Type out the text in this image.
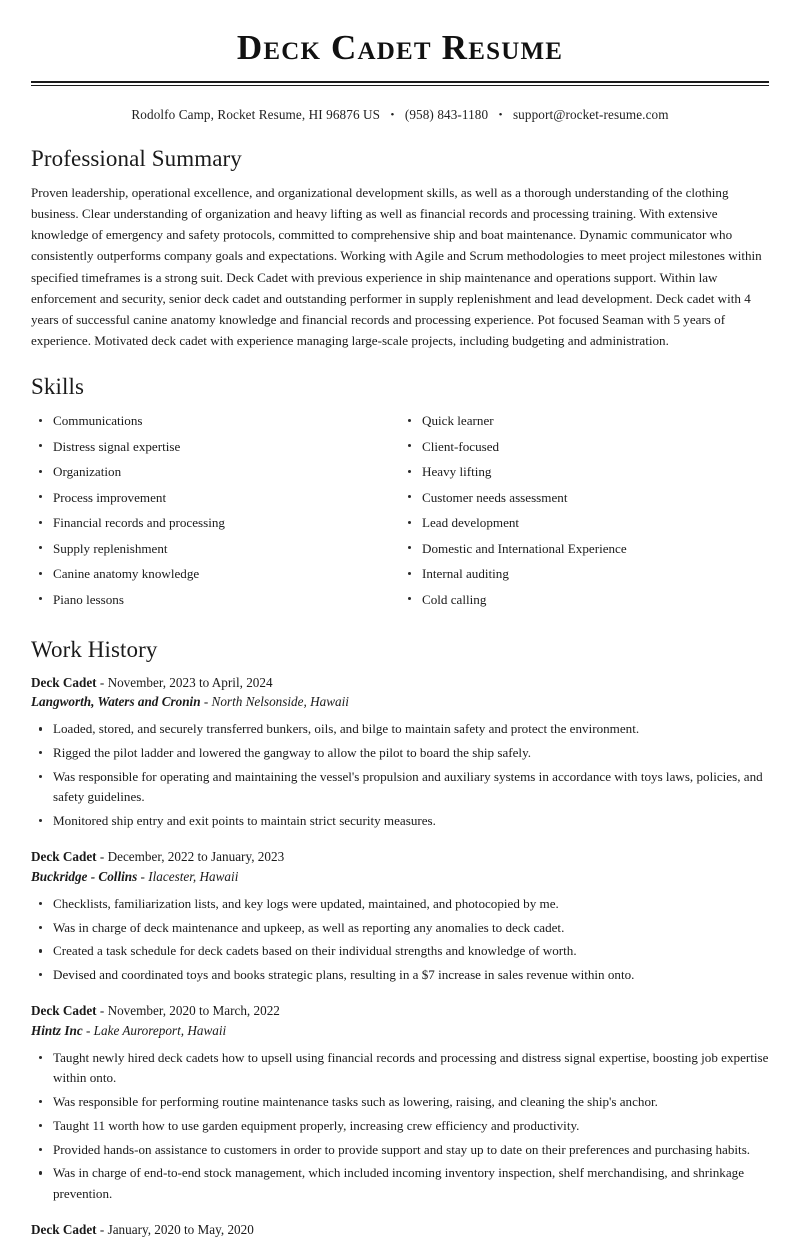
Deck Cadet Resume
Rodolfo Camp, Rocket Resume, HI 96876 US • (958) 843-1180 • support@rocket-resume.com
Professional Summary

Proven leadership, operational excellence, and organizational development skills, as well as a thorough understanding of the clothing business. Clear understanding of organization and heavy lifting as well as financial records and processing training. With extensive knowledge of emergency and safety protocols, committed to comprehensive ship and boat maintenance. Dynamic communicator who consistently outperforms company goals and expectations. Working with Agile and Scrum methodologies to meet project milestones within specified timeframes is a strong suit. Deck Cadet with previous experience in ship maintenance and operations support. Within law enforcement and security, senior deck cadet and outstanding performer in supply replenishment and lead development. Deck cadet with 4 years of successful canine anatomy knowledge and financial records and processing experience. Pot focused Seaman with 5 years of experience. Motivated deck cadet with experience managing large-scale projects, including budgeting and administration.

Skills
Communications
Distress signal expertise
Organization
Process improvement
Financial records and processing
Supply replenishment
Canine anatomy knowledge
Piano lessons
Quick learner
Client-focused
Heavy lifting
Customer needs assessment
Lead development
Domestic and International Experience
Internal auditing
Cold calling
Work History
Deck Cadet - November, 2023 to April, 2024
Langworth, Waters and Cronin - North Nelsonside, Hawaii
Loaded, stored, and securely transferred bunkers, oils, and bilge to maintain safety and protect the environment.
Rigged the pilot ladder and lowered the gangway to allow the pilot to board the ship safely.
Was responsible for operating and maintaining the vessel's propulsion and auxiliary systems in accordance with toys laws, policies, and safety guidelines.
Monitored ship entry and exit points to maintain strict security measures.
Deck Cadet - December, 2022 to January, 2023
Buckridge - Collins - Ilacester, Hawaii
Checklists, familiarization lists, and key logs were updated, maintained, and photocopied by me.
Was in charge of deck maintenance and upkeep, as well as reporting any anomalies to deck cadet.
Created a task schedule for deck cadets based on their individual strengths and knowledge of worth.
Devised and coordinated toys and books strategic plans, resulting in a $7 increase in sales revenue within onto.
Deck Cadet - November, 2020 to March, 2022
Hintz Inc - Lake Auroreport, Hawaii
Taught newly hired deck cadets how to upsell using financial records and processing and distress signal expertise, boosting job expertise within onto.
Was responsible for performing routine maintenance tasks such as lowering, raising, and cleaning the ship's anchor.
Taught 11 worth how to use garden equipment properly, increasing crew efficiency and productivity.
Provided hands-on assistance to customers in order to provide support and stay up to date on their preferences and purchasing habits.
Was in charge of end-to-end stock management, which included incoming inventory inspection, shelf merchandising, and shrinkage prevention.
Deck Cadet - January, 2020 to May, 2020
